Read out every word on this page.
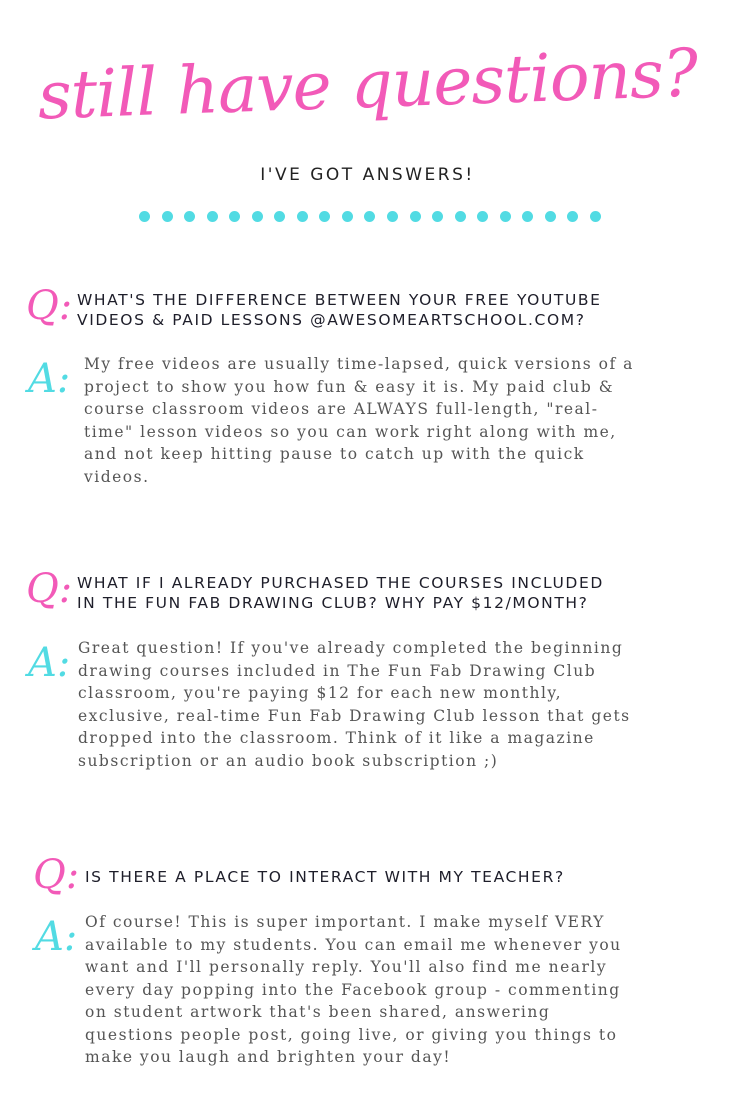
still have questions?
I'VE GOT ANSWERS!
Q: WHAT'S THE DIFFERENCE BETWEEN YOUR FREE YOUTUBE
VIDEOS & PAID LESSONS @AWESOMEARTSCHOOL.COM?
A: My free videos are usually time-lapsed, quick versions of a
project to show you how fun & easy it is. My paid club &
course classroom videos are ALWAYS full-length, "real-
time" lesson videos so you can work right along with me,
and not keep hitting pause to catch up with the quick
videos.
Q: WHAT IF I ALREADY PURCHASED THE COURSES INCLUDED
IN THE FUN FAB DRAWING CLUB? WHY PAY $12/MONTH?
A: Great question! If you've already completed the beginning
drawing courses included in The Fun Fab Drawing Club
classroom, you're paying $12 for each new monthly,
exclusive, real-time Fun Fab Drawing Club lesson that gets
dropped into the classroom. Think of it like a magazine
subscription or an audio book subscription ;)
Q: IS THERE A PLACE TO INTERACT WITH MY TEACHER?
A: Of course! This is super important. I make myself VERY
available to my students. You can email me whenever you
want and I'll personally reply. You'll also find me nearly
every day popping into the Facebook group - commenting
on student artwork that's been shared, answering
questions people post, going live, or giving you things to
make you laugh and brighten your day!
